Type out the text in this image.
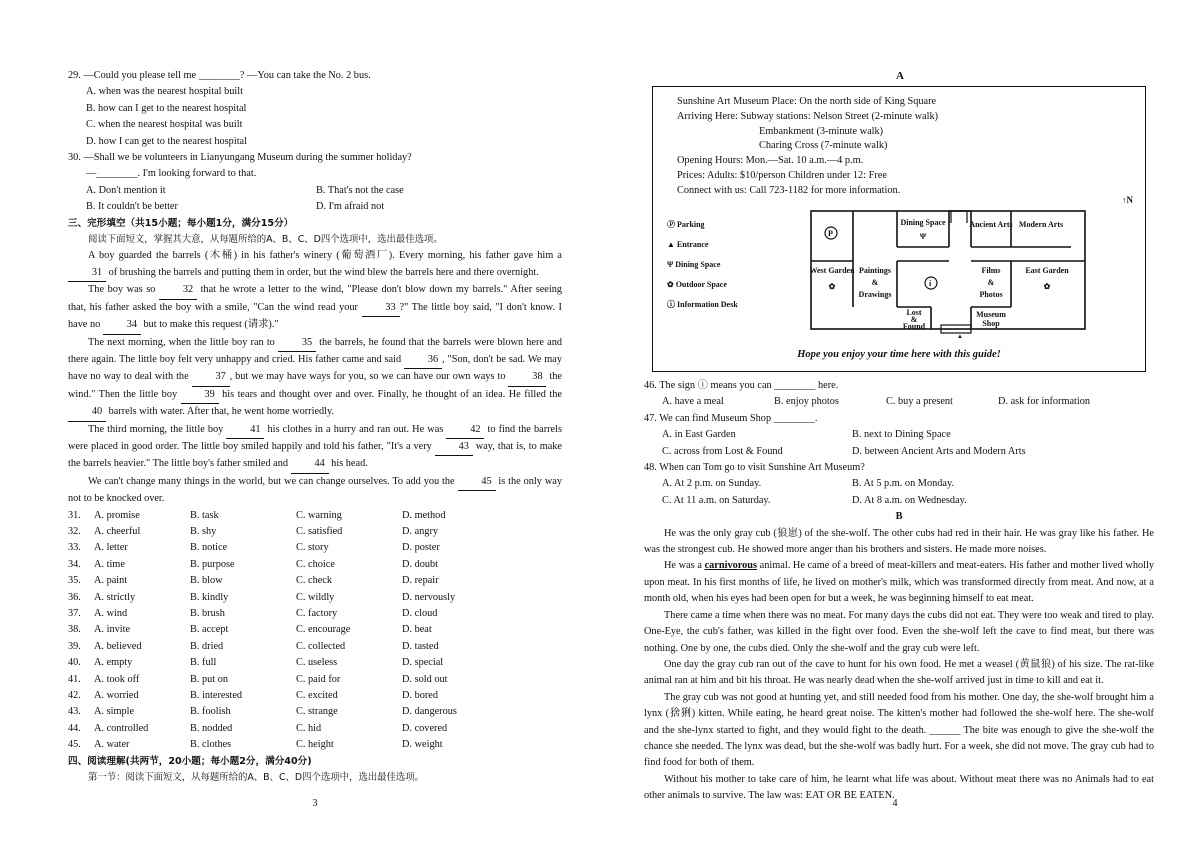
29. —Could you please tell me ________? —You can take the No. 2 bus.

A. when was the nearest hospital built

B. how can I get to the nearest hospital

C. when the nearest hospital was built

D. how I can get to the nearest hospital

30. —Shall we be volunteers in Lianyungang Museum during the summer holiday?

—________. I'm looking forward to that.

A. Don't mention it	B. That's not the case
B. It couldn't be better	D. I'm afraid not

三、完形填空（共15小题；每小题1分，满分15分）

阅读下面短文，掌握其大意，从每题所给的A、B、C、D四个选项中，选出最佳选项。

A boy guarded the barrels (木桶) in his father's winery (葡萄酒厂). Every morning, his father gave him a 31 of brushing the barrels and putting them in order, but the wind blew the barrels here and there overnight.

The boy was so 32 that he wrote a letter to the wind, "Please don't blow down my barrels." After seeing that, his father asked the boy with a smile, "Can the wind read your 33 ?" The little boy said, "I don't know. I have no 34 but to make this request (请求)."

The next morning, when the little boy ran to 35 the barrels, he found that the barrels were blown here and there again. The little boy felt very unhappy and cried. His father came and said 36 , "Son, don't be sad. We may have no way to deal with the 37 , but we may have ways for you, so we can have our own ways to 38 the wind." Then the little boy 39 his tears and thought over and over. Finally, he thought of an idea. He filled the 40 barrels with water. After that, he went home worriedly.

The third morning, the little boy 41 his clothes in a hurry and ran out. He was 42 to find the barrels were placed in good order. The little boy smiled happily and told his father, "It's a very 43 way, that is, to make the barrels heavier." The little boy's father smiled and 44 his head.

We can't change many things in the world, but we can change ourselves. To add you the 45 is the only way not to be knocked over.

31.	A. promise	B. task	C. warning	D. method
32.	A. cheerful	B. shy	C. satisfied	D. angry
33.	A. letter	B. notice	C. story	D. poster
34.	A. time	B. purpose	C. choice	D. doubt
35.	A. paint	B. blow	C. check	D. repair
36.	A. strictly	B. kindly	C. wildly	D. nervously
37.	A. wind	B. brush	C. factory	D. cloud
38.	A. invite	B. accept	C. encourage	D. beat
39.	A. believed	B. dried	C. collected	D. tasted
40.	A. empty	B. full	C. useless	D. special
41.	A. took off	B. put on	C. paid for	D. sold out
42.	A. worried	B. interested	C. excited	D. bored
43.	A. simple	B. foolish	C. strange	D. dangerous
44.	A. controlled	B. nodded	C. hid	D. covered
45.	A. water	B. clothes	C. height	D. weight

四、阅读理解(共两节，20小题；每小题2分，满分40分)

第一节：阅读下面短文，从每题所给的A、B、C、D四个选项中，选出最佳选项。

3
A

Sunshine Art Museum Place: On the north side of King Square

Arriving Here: Subway stations: Nelson Street (2-minute walk)

Embankment (3-minute walk)

Charing Cross (7-minute walk)

Opening Hours: Mon.—Sat. 10 a.m.—4 p.m.

Prices: Adults: $10/person Children under 12: Free

Connect with us: Call 723-1182 for more information.

Ⓟ Parking
▲ Entrance
Ψ Dining Space
✿ Outdoor Space
ⓘ Information Desk
P
i
▲
Dining Space
Ψ
Ancient Arts Modern Arts
West Garden
✿
Paintings
&
Drawings
Films
&
Photos
East Garden
✿
Lost
&
Found
Museum
Shop
↑N
Hope you enjoy your time here with this guide!

46. The sign ⓘ means you can ________ here.

A. have a meal	B. enjoy photos	C. buy a present	D. ask for information

47. We can find Museum Shop ________.

A. in East Garden	B. next to Dining Space
C. across from Lost & Found	D. between Ancient Arts and Modern Arts

48. When can Tom go to visit Sunshine Art Museum?

A. At 2 p.m. on Sunday.	B. At 5 p.m. on Monday.
C. At 11 a.m. on Saturday.	D. At 8 a.m. on Wednesday.

B

He was the only gray cub (狼崽) of the she-wolf. The other cubs had red in their hair. He was gray like his father. He was the strongest cub. He showed more anger than his brothers and sisters. He made more noises.

He was a carnivorous animal. He came of a breed of meat-killers and meat-eaters. His father and mother lived wholly upon meat. In his first months of life, he lived on mother's milk, which was transformed directly from meat. And now, at a month old, when his eyes had been open for but a week, he was beginning himself to eat meat.

There came a time when there was no meat. For many days the cubs did not eat. They were too weak and tired to play. One-Eye, the cub's father, was killed in the fight over food. Even the she-wolf left the cave to find meat, but there was nothing. One by one, the cubs died. Only the she-wolf and the gray cub were left.

One day the gray cub ran out of the cave to hunt for his own food. He met a weasel (黄鼠狼) of his size. The rat-like animal ran at him and bit his throat. He was nearly dead when the she-wolf arrived just in time to kill and eat it.

The gray cub was not good at hunting yet, and still needed food from his mother. One day, the she-wolf brought him a lynx (猞猁) kitten. While eating, he heard great noise. The kitten's mother had followed the she-wolf here. The she-wolf and the she-lynx started to fight, and they would fight to the death. ______ The bite was enough to give the she-wolf the chance she needed. The lynx was dead, but the she-wolf was badly hurt. For a week, she did not move. The gray cub had to find food for both of them.

Without his mother to take care of him, he learnt what life was about. Without meat there was no Animals had to eat other animals to survive. The law was: EAT OR BE EATEN.

4
